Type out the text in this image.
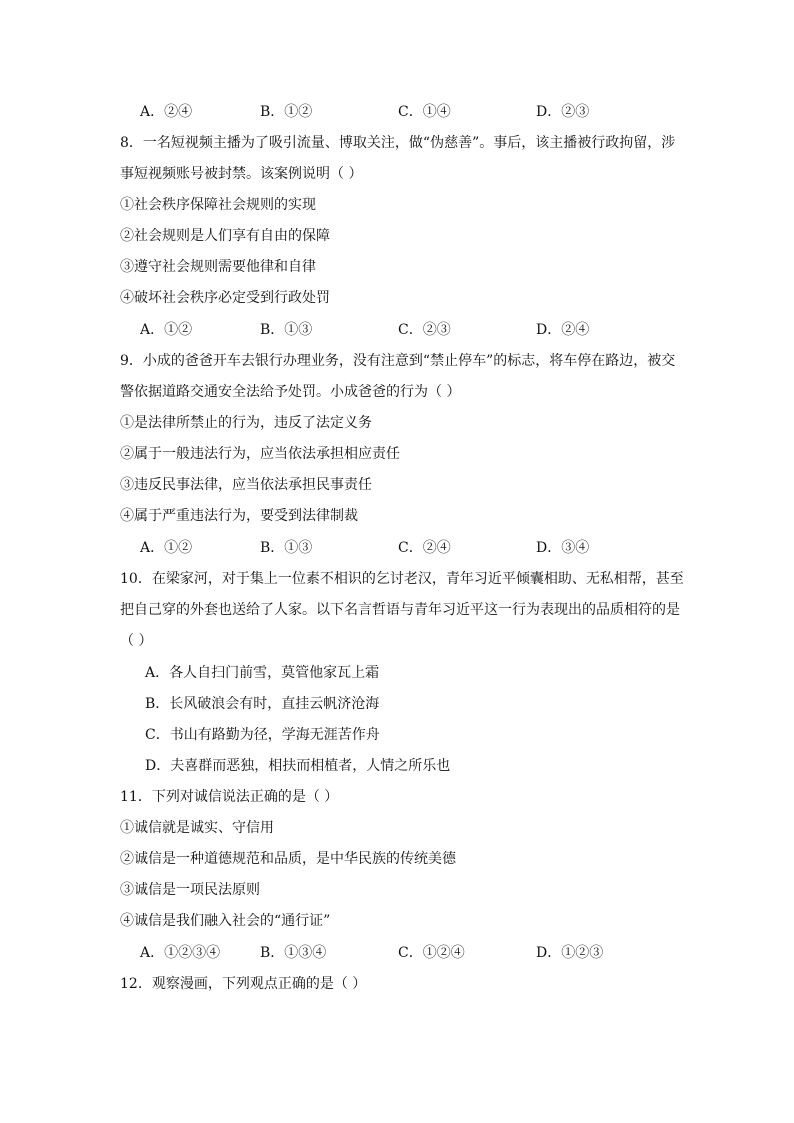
A．②④	B．①②	C．①④	D．②③
8．一名短视频主播为了吸引流量、博取关注，做“伪慈善”。事后，该主播被行政拘留，涉
事短视频账号被封禁。该案例说明（ ）
①社会秩序保障社会规则的实现
②社会规则是人们享有自由的保障
③遵守社会规则需要他律和自律
④破坏社会秩序必定受到行政处罚
A．①②	B．①③	C．②③	D．②④
9．小成的爸爸开车去银行办理业务，没有注意到“禁止停车”的标志，将车停在路边，被交
警依据道路交通安全法给予处罚。小成爸爸的行为（ ）
①是法律所禁止的行为，违反了法定义务
②属于一般违法行为，应当依法承担相应责任
③违反民事法律，应当依法承担民事责任
④属于严重违法行为，要受到法律制裁
A．①②	B．①③	C．②④	D．③④
10．在梁家河，对于集上一位素不相识的乞讨老汉，青年习近平倾囊相助、无私相帮，甚至
把自己穿的外套也送给了人家。以下名言哲语与青年习近平这一行为表现出的品质相符的是
（ ）
A．各人自扫门前雪，莫管他家瓦上霜
B．长风破浪会有时，直挂云帆济沧海
C．书山有路勤为径，学海无涯苦作舟
D．夫喜群而恶独，相扶而相植者，人情之所乐也
11．下列对诚信说法正确的是（ ）
①诚信就是诚实、守信用
②诚信是一种道德规范和品质，是中华民族的传统美德
③诚信是一项民法原则
④诚信是我们融入社会的“通行证”
A．①②③④	B．①③④	C．①②④	D．①②③
12．观察漫画，下列观点正确的是（ ）
